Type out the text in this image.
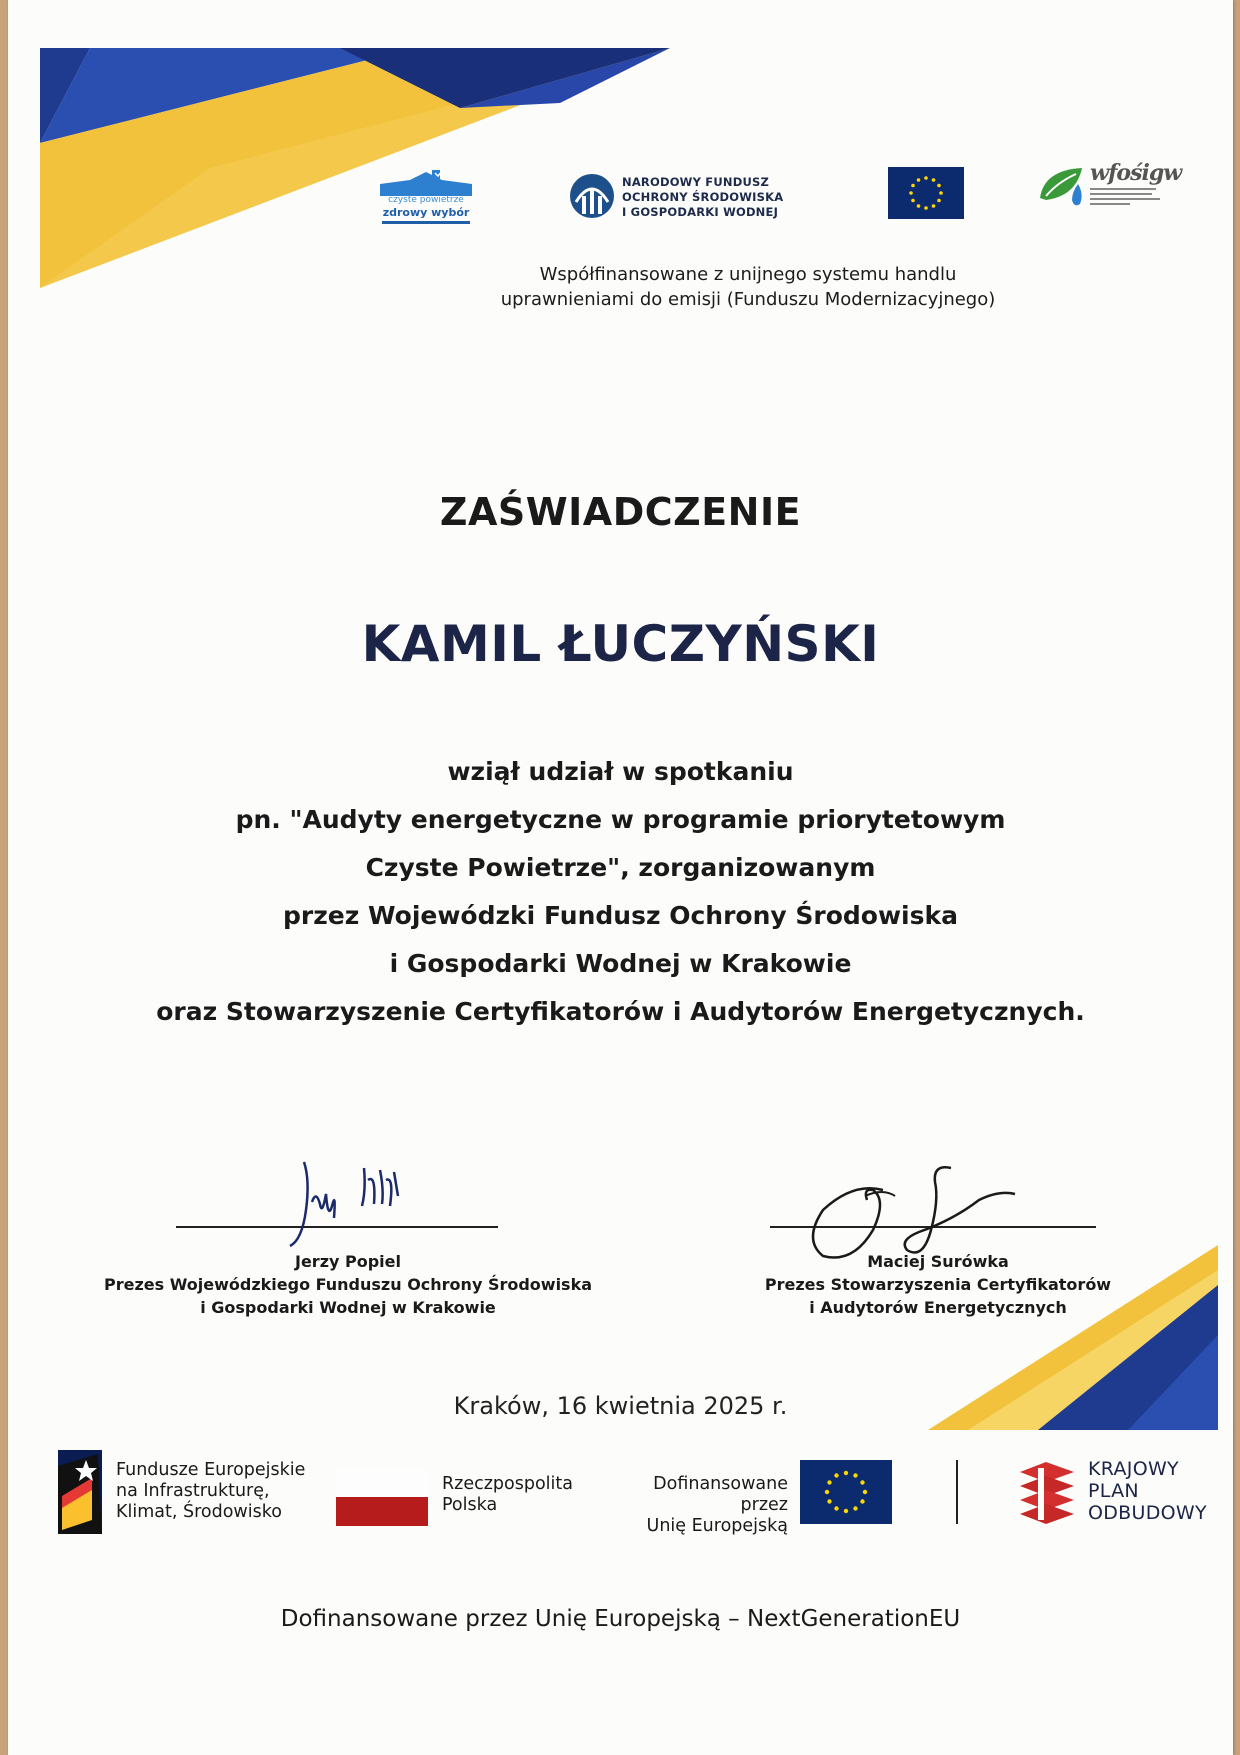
czyste powietrze
zdrowy wybór
NARODOWY FUNDUSZ
OCHRONY ŚRODOWISKA
I GOSPODARKI WODNEJ
wfośigw
Współfinansowane z unijnego systemu handlu
uprawnieniami do emisji (Funduszu Modernizacyjnego)
ZAŚWIADCZENIE
KAMIL ŁUCZYŃSKI
wziął udział w spotkaniu
pn. "Audyty energetyczne w programie priorytetowym
Czyste Powietrze", zorganizowanym
przez Wojewódzki Fundusz Ochrony Środowiska
i Gospodarki Wodnej w Krakowie
oraz Stowarzyszenie Certyfikatorów i Audytorów Energetycznych.
Jerzy Popiel
Prezes Wojewódzkiego Funduszu Ochrony Środowiska
i Gospodarki Wodnej w Krakowie
Maciej Surówka
Prezes Stowarzyszenia Certyfikatorów
i Audytorów Energetycznych
Kraków, 16 kwietnia 2025 r.
Fundusze Europejskie
na Infrastrukturę,
Klimat, Środowisko
Rzeczpospolita
Polska
Dofinansowane przez
Unię Europejską
KRAJOWY
PLAN
ODBUDOWY
Dofinansowane przez Unię Europejską – NextGenerationEU
